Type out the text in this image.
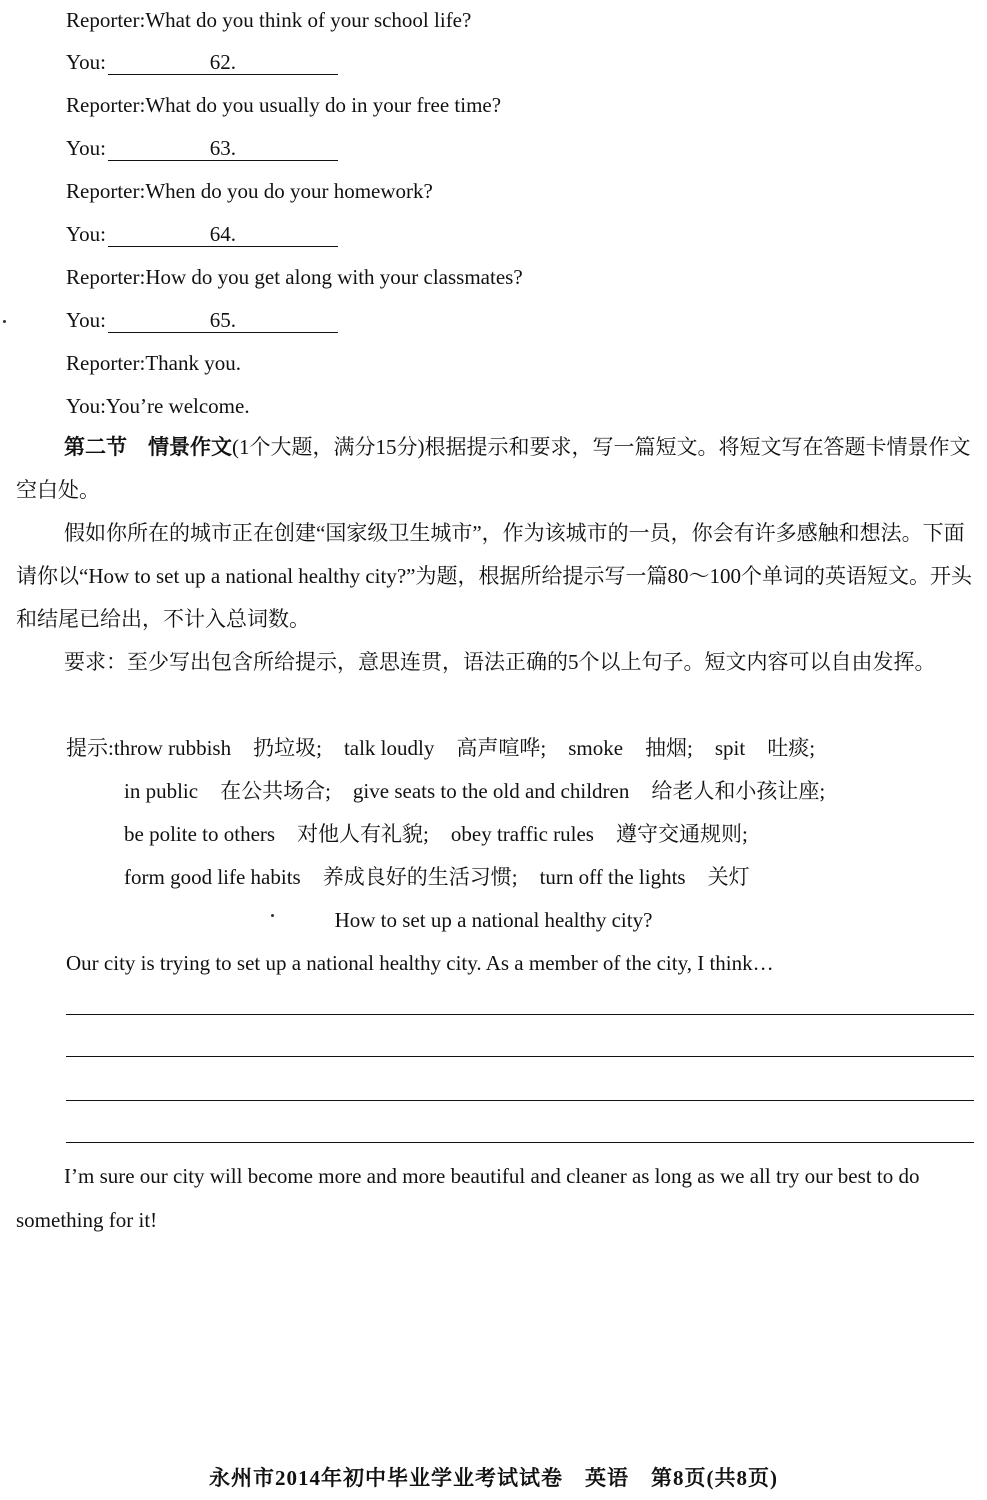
Reporter:What do you think of your school life?
You:	62.
Reporter:What do you usually do in your free time?
You:	63.
Reporter:When do you do your homework?
You:	64.
Reporter:How do you get along with your classmates?
You:	65.
Reporter:Thank you.
You:You’re welcome.
第二节　情景作文(1个大题，满分15分)根据提示和要求，写一篇短文。将短文写在答题卡情景作文空白处。
假如你所在的城市正在创建“国家级卫生城市”，作为该城市的一员，你会有许多感触和想法。下面请你以“How to set up a national healthy city?”为题，根据所给提示写一篇80～100个单词的英语短文。开头和结尾已给出，不计入总词数。
要求：至少写出包含所给提示，意思连贯，语法正确的5个以上句子。短文内容可以自由发挥。
提示:throw rubbish 扔垃圾; talk loudly 高声喧哗; smoke 抽烟; spit 吐痰;
in public 在公共场合; give seats to the old and children 给老人和小孩让座;
be polite to others 对他人有礼貌; obey traffic rules 遵守交通规则;
form good life habits 养成良好的生活习惯; turn off the lights 关灯
How to set up a national healthy city?
Our city is trying to set up a national healthy city. As a member of the city, I think…
I’m sure our city will become more and more beautiful and cleaner as long as we all try our best to do something for it!
永州市2014年初中毕业学业考试试卷　英语　第8页(共8页)
